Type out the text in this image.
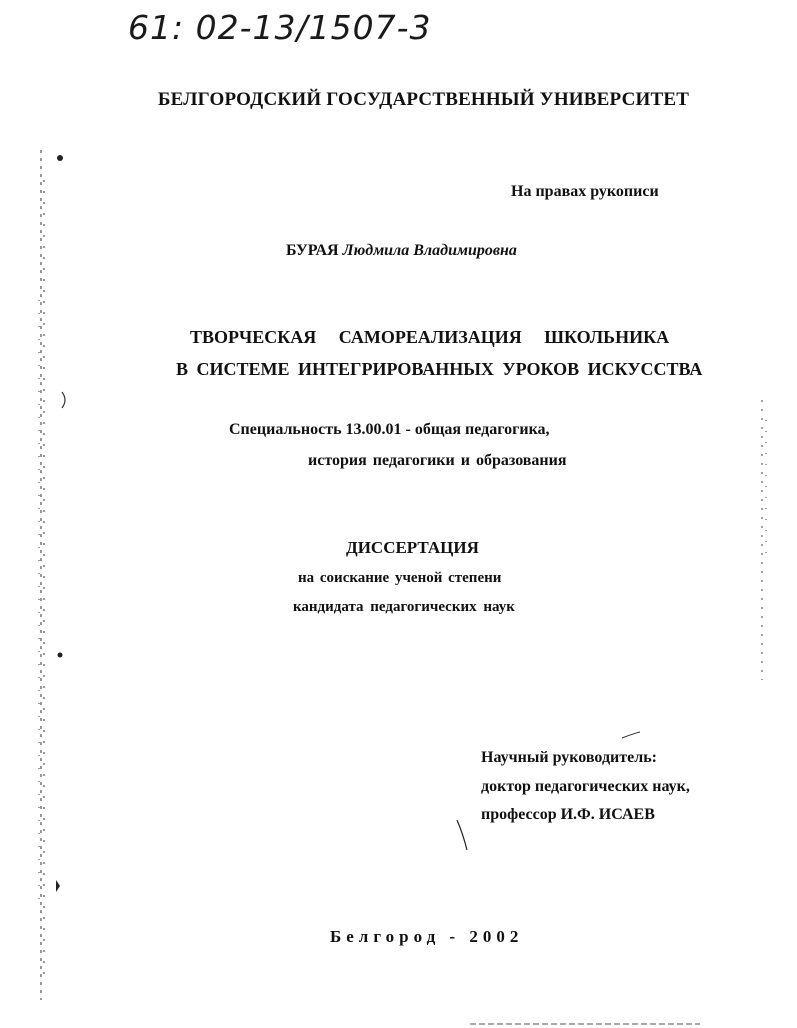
61: 02-13/1507-3
БЕЛГОРОДСКИЙ ГОСУДАРСТВЕННЫЙ УНИВЕРСИТЕТ
На правах рукописи
БУРАЯ Людмила Владимировна
ТВОРЧЕСКАЯ САМОРЕАЛИЗАЦИЯ ШКОЛЬНИКА
В СИСТЕМЕ ИНТЕГРИРОВАННЫХ УРОКОВ ИСКУССТВА
Специальность 13.00.01 - общая педагогика,
история педагогики и образования
ДИССЕРТАЦИЯ
на соискание ученой степени
кандидата педагогических наук
Научный руководитель:
доктор педагогических наук,
профессор И.Ф. ИСАЕВ
Белгород - 2002
